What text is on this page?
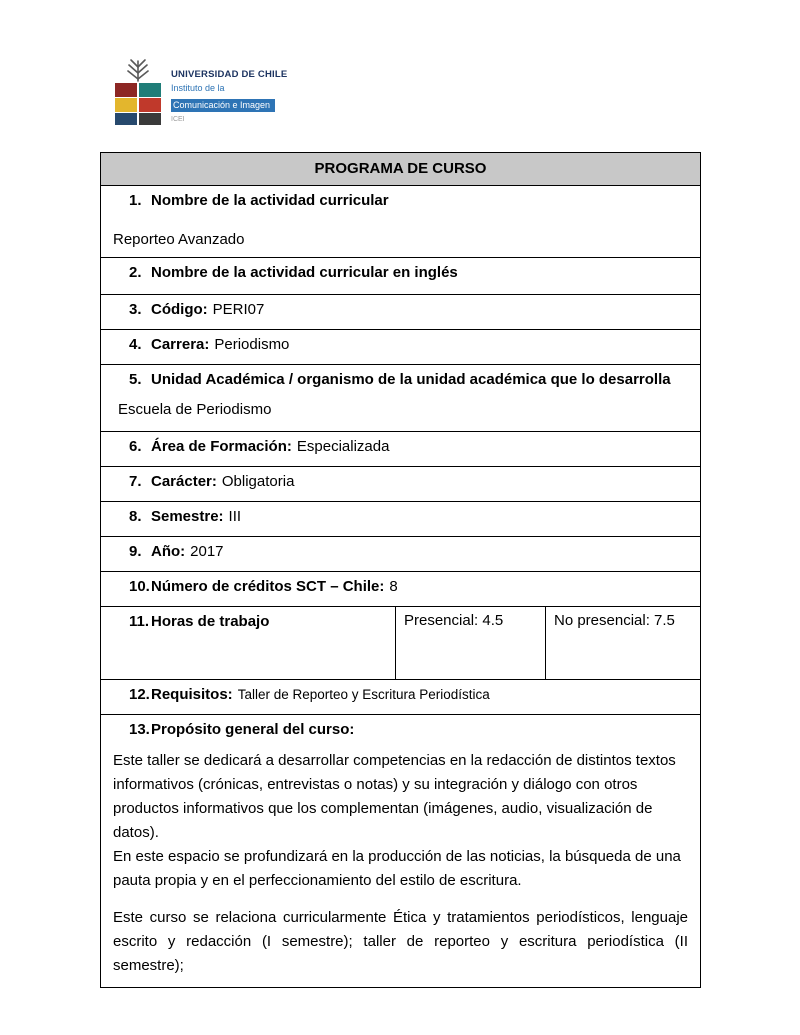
UNIVERSIDAD DE CHILE
Instituto de la
Comunicación e Imagen
ICEI
PROGRAMA DE CURSO
1. Nombre de la actividad curricular
Reporteo Avanzado
2. Nombre de la actividad curricular en inglés
3. Código: PERI07
4. Carrera: Periodismo
5. Unidad Académica / organismo de la unidad académica que lo desarrolla
Escuela de Periodismo
6. Área de Formación: Especializada
7. Carácter: Obligatoria
8. Semestre: III
9. Año: 2017
10.Número de créditos SCT – Chile: 8
11. Horas de trabajo	Presencial: 4.5	No presencial: 7.5
12.Requisitos: Taller de Reporteo y Escritura Periodística
13.Propósito general del curso:

Este taller se dedicará a desarrollar competencias en la redacción de distintos textos informativos (crónicas, entrevistas o notas) y su integración y diálogo con otros productos informativos que los complementan (imágenes, audio, visualización de datos).

En este espacio se profundizará en la producción de las noticias, la búsqueda de una pauta propia y en el perfeccionamiento del estilo de escritura.

Este curso se relaciona curricularmente Ética y tratamientos periodísticos, lenguaje escrito y redacción (I semestre); taller de reporteo y escritura periodística (II semestre);
